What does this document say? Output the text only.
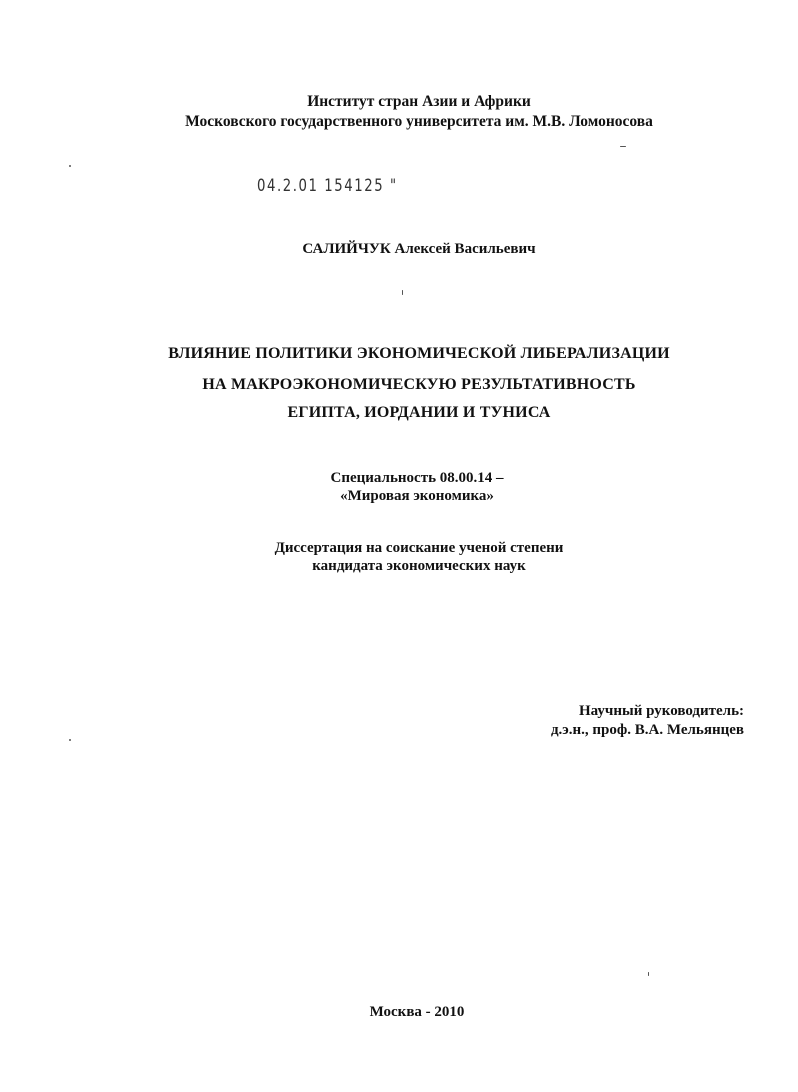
Институт стран Азии и Африки
Московского государственного университета им. М.В. Ломоносова
04.2.01 154125 "
САЛИЙЧУК Алексей Васильевич
ВЛИЯНИЕ ПОЛИТИКИ ЭКОНОМИЧЕСКОЙ ЛИБЕРАЛИЗАЦИИ
НА МАКРОЭКОНОМИЧЕСКУЮ РЕЗУЛЬТАТИВНОСТЬ
ЕГИПТА, ИОРДАНИИ И ТУНИСА
Специальность 08.00.14 –
«Мировая экономика»
Диссертация на соискание ученой степени
кандидата экономических наук
Научный руководитель:
д.э.н., проф. В.А. Мельянцев
Москва - 2010
